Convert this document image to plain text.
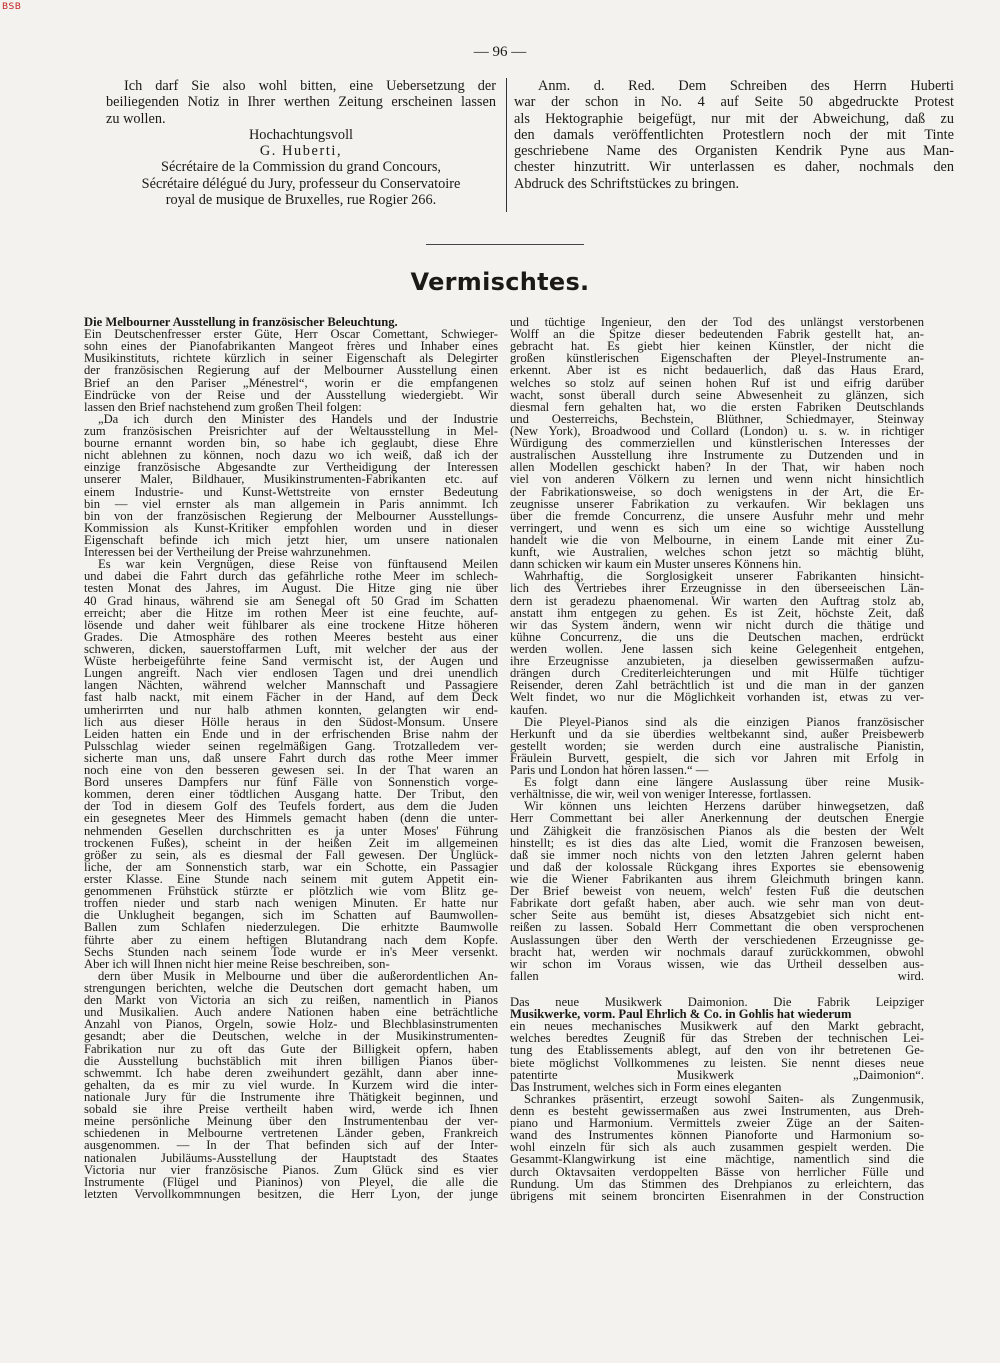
BSB
— 96 —
Ich darf Sie also wohl bitten, eine Uebersetzung der
beiliegenden Notiz in Ihrer werthen Zeitung erscheinen lassen
zu wollen.
Hochachtungsvoll
G. Huberti,
Sécrétaire de la Commission du grand Concours,
Sécrétaire délégué du Jury, professeur du Conservatoire
royal de musique de Bruxelles, rue Rogier 266.
Anm. d. Red. Dem Schreiben des Herrn Huberti
war der schon in No. 4 auf Seite 50 abgedruckte Protest
als Hektographie beigefügt, nur mit der Abweichung, daß zu
den damals veröffentlichten Protestlern noch der mit Tinte
geschriebene Name des Organisten Kendrik Pyne aus Man-
chester hinzutritt. Wir unterlassen es daher, nochmals den
Abdruck des Schriftstückes zu bringen.
Vermischtes.
Die Melbourner Ausstellung in französischer Beleuchtung.
Ein Deutschenfresser erster Güte, Herr Oscar Comettant, Schwieger-
sohn eines der Pianofabrikanten Mangeot frères und Inhaber eines
Musikinstituts, richtete kürzlich in seiner Eigenschaft als Delegirter
der französischen Regierung auf der Melbourner Ausstellung einen
Brief an den Pariser „Ménestrel“, worin er die empfangenen
Eindrücke von der Reise und der Ausstellung wiedergiebt. Wir
lassen den Brief nachstehend zum großen Theil folgen:
„Da ich durch den Minister des Handels und der Industrie
zum französischen Preisrichter auf der Weltausstellung in Mel-
bourne ernannt worden bin, so habe ich geglaubt, diese Ehre
nicht ablehnen zu können, noch dazu wo ich weiß, daß ich der
einzige französische Abgesandte zur Vertheidigung der Interessen
unserer Maler, Bildhauer, Musikinstrumenten-Fabrikanten etc. auf
einem Industrie- und Kunst-Wettstreite von ernster Bedeutung
bin — viel ernster als man allgemein in Paris annimmt. Ich
bin von der französischen Regierung der Melbourner Ausstellungs-
Kommission als Kunst-Kritiker empfohlen worden und in dieser
Eigenschaft befinde ich mich jetzt hier, um unsere nationalen
Interessen bei der Vertheilung der Preise wahrzunehmen.
Es war kein Vergnügen, diese Reise von fünftausend Meilen
und dabei die Fahrt durch das gefährliche rothe Meer im schlech-
testen Monat des Jahres, im August. Die Hitze ging nie über
40 Grad hinaus, während sie am Senegal oft 50 Grad im Schatten
erreicht; aber die Hitze im rothen Meer ist eine feuchte, auf-
lösende und daher weit fühlbarer als eine trockene Hitze höheren
Grades. Die Atmosphäre des rothen Meeres besteht aus einer
schweren, dicken, sauerstoffarmen Luft, mit welcher der aus der
Wüste herbeigeführte feine Sand vermischt ist, der Augen und
Lungen angreift. Nach vier endlosen Tagen und drei unendlich
langen Nächten, während welcher Mannschaft und Passagiere
fast halb nackt, mit einem Fächer in der Hand, auf dem Deck
umherirrten und nur halb athmen konnten, gelangten wir end-
lich aus dieser Hölle heraus in den Südost-Monsum. Unsere
Leiden hatten ein Ende und in der erfrischenden Brise nahm der
Pulsschlag wieder seinen regelmäßigen Gang. Trotzalledem ver-
sicherte man uns, daß unsere Fahrt durch das rothe Meer immer
noch eine von den besseren gewesen sei. In der That waren an
Bord unseres Dampfers nur fünf Fälle von Sonnenstich vorge-
kommen, deren einer tödtlichen Ausgang hatte. Der Tribut, den
der Tod in diesem Golf des Teufels fordert, aus dem die Juden
ein gesegnetes Meer des Himmels gemacht haben (denn die unter-
nehmenden Gesellen durchschritten es ja unter Moses' Führung
trockenen Fußes), scheint in der heißen Zeit im allgemeinen
größer zu sein, als es diesmal der Fall gewesen. Der Unglück-
liche, der am Sonnenstich starb, war ein Schotte, ein Passagier
erster Klasse. Eine Stunde nach seinem mit gutem Appetit ein-
genommenen Frühstück stürzte er plötzlich wie vom Blitz ge-
troffen nieder und starb nach wenigen Minuten. Er hatte nur
die Unklugheit begangen, sich im Schatten auf Baumwollen-
Ballen zum Schlafen niederzulegen. Die erhitzte Baumwolle
führte aber zu einem heftigen Blutandrang nach dem Kopfe.
Sechs Stunden nach seinem Tode wurde er in's Meer versenkt.
Aber ich will Ihnen nicht hier meine Reise beschreiben, son-
dern über Musik in Melbourne und über die außerordentlichen An-
strengungen berichten, welche die Deutschen dort gemacht haben, um
den Markt von Victoria an sich zu reißen, namentlich in Pianos
und Musikalien. Auch andere Nationen haben eine beträchtliche
Anzahl von Pianos, Orgeln, sowie Holz- und Blechblasinstrumenten
gesandt; aber die Deutschen, welche in der Musikinstrumenten-
Fabrikation nur zu oft das Gute der Billigkeit opfern, haben
die Ausstellung buchstäblich mit ihren billigen Pianos über-
schwemmt. Ich habe deren zweihundert gezählt, dann aber inne-
gehalten, da es mir zu viel wurde. In Kurzem wird die inter-
nationale Jury für die Instrumente ihre Thätigkeit beginnen, und
sobald sie ihre Preise vertheilt haben wird, werde ich Ihnen
meine persönliche Meinung über den Instrumentenbau der ver-
schiedenen in Melbourne vertretenen Länder geben, Frankreich
ausgenommen. — In der That befinden sich auf der Inter-
nationalen Jubiläums-Ausstellung der Hauptstadt des Staates
Victoria nur vier französische Pianos. Zum Glück sind es vier
Instrumente (Flügel und Pianinos) von Pleyel, die alle die
letzten Vervollkommnungen besitzen, die Herr Lyon, der junge
und tüchtige Ingenieur, den der Tod des unlängst verstorbenen
Wolff an die Spitze dieser bedeutenden Fabrik gestellt hat, an-
gebracht hat. Es giebt hier keinen Künstler, der nicht die
großen künstlerischen Eigenschaften der Pleyel-Instrumente an-
erkennt. Aber ist es nicht bedauerlich, daß das Haus Erard,
welches so stolz auf seinen hohen Ruf ist und eifrig darüber
wacht, sonst überall durch seine Abwesenheit zu glänzen, sich
diesmal fern gehalten hat, wo die ersten Fabriken Deutschlands
und Oesterreichs, Bechstein, Blüthner, Schiedmayer, Steinway
(New York), Broadwood und Collard (London) u. s. w. in richtiger
Würdigung des commerziellen und künstlerischen Interesses der
australischen Ausstellung ihre Instrumente zu Dutzenden und in
allen Modellen geschickt haben? In der That, wir haben noch
viel von anderen Völkern zu lernen und wenn nicht hinsichtlich
der Fabrikationsweise, so doch wenigstens in der Art, die Er-
zeugnisse unserer Fabrikation zu verkaufen. Wir beklagen uns
über die fremde Concurrenz, die unsere Ausfuhr mehr und mehr
verringert, und wenn es sich um eine so wichtige Ausstellung
handelt wie die von Melbourne, in einem Lande mit einer Zu-
kunft, wie Australien, welches schon jetzt so mächtig blüht,
dann schicken wir kaum ein Muster unseres Könnens hin.
Wahrhaftig, die Sorglosigkeit unserer Fabrikanten hinsicht-
lich des Vertriebes ihrer Erzeugnisse in den überseeischen Län-
dern ist geradezu phaenomenal. Wir warten den Auftrag stolz ab,
anstatt ihm entgegen zu gehen. Es ist Zeit, höchste Zeit, daß
wir das System ändern, wenn wir nicht durch die thätige und
kühne Concurrenz, die uns die Deutschen machen, erdrückt
werden wollen. Jene lassen sich keine Gelegenheit entgehen,
ihre Erzeugnisse anzubieten, ja dieselben gewissermaßen aufzu-
drängen durch Crediterleichterungen und mit Hülfe tüchtiger
Reisender, deren Zahl beträchtlich ist und die man in der ganzen
Welt findet, wo nur die Möglichkeit vorhanden ist, etwas zu ver-
kaufen.
Die Pleyel-Pianos sind als die einzigen Pianos französischer
Herkunft und da sie überdies weltbekannt sind, außer Preisbewerb
gestellt worden; sie werden durch eine australische Pianistin,
Fräulein Burvett, gespielt, die sich vor Jahren mit Erfolg in
Paris und London hat hören lassen.“ —
Es folgt dann eine längere Auslassung über reine Musik-
verhältnisse, die wir, weil von weniger Interesse, fortlassen.
Wir können uns leichten Herzens darüber hinwegsetzen, daß
Herr Commettant bei aller Anerkennung der deutschen Energie
und Zähigkeit die französischen Pianos als die besten der Welt
hinstellt; es ist dies das alte Lied, womit die Franzosen beweisen,
daß sie immer noch nichts von den letzten Jahren gelernt haben
und daß der kolossale Rückgang ihres Exportes sie ebensowenig
wie die Wiener Fabrikanten aus ihrem Gleichmuth bringen kann.
Der Brief beweist von neuem, welch' festen Fuß die deutschen
Fabrikate dort gefaßt haben, aber auch. wie sehr man von deut-
scher Seite aus bemüht ist, dieses Absatzgebiet sich nicht ent-
reißen zu lassen. Sobald Herr Commettant die oben versprochenen
Auslassungen über den Werth der verschiedenen Erzeugnisse ge-
bracht hat, werden wir nochmals darauf zurückkommen, obwohl
wir schon im Voraus wissen, wie das Urtheil desselben aus-
fallen wird.
Das neue Musikwerk Daimonion. Die Fabrik Leipziger
Musikwerke, vorm. Paul Ehrlich & Co. in Gohlis hat wiederum
ein neues mechanisches Musikwerk auf den Markt gebracht,
welches beredtes Zeugniß für das Streben der technischen Lei-
tung des Etablissements ablegt, auf den von ihr betretenen Ge-
biete möglichst Vollkommenes zu leisten. Sie nennt dieses neue
patentirte Musikwerk „Daimonion“.
Das Instrument, welches sich in Form eines eleganten
Schrankes präsentirt, erzeugt sowohl Saiten- als Zungenmusik,
denn es besteht gewissermaßen aus zwei Instrumenten, aus Dreh-
piano und Harmonium. Vermittels zweier Züge an der Saiten-
wand des Instrumentes können Pianoforte und Harmonium so-
wohl einzeln für sich als auch zusammen gespielt werden. Die
Gesammt-Klangwirkung ist eine mächtige, namentlich sind die
durch Oktavsaiten verdoppelten Bässe von herrlicher Fülle und
Rundung. Um das Stimmen des Drehpianos zu erleichtern, das
übrigens mit seinem broncirten Eisenrahmen in der Construction
